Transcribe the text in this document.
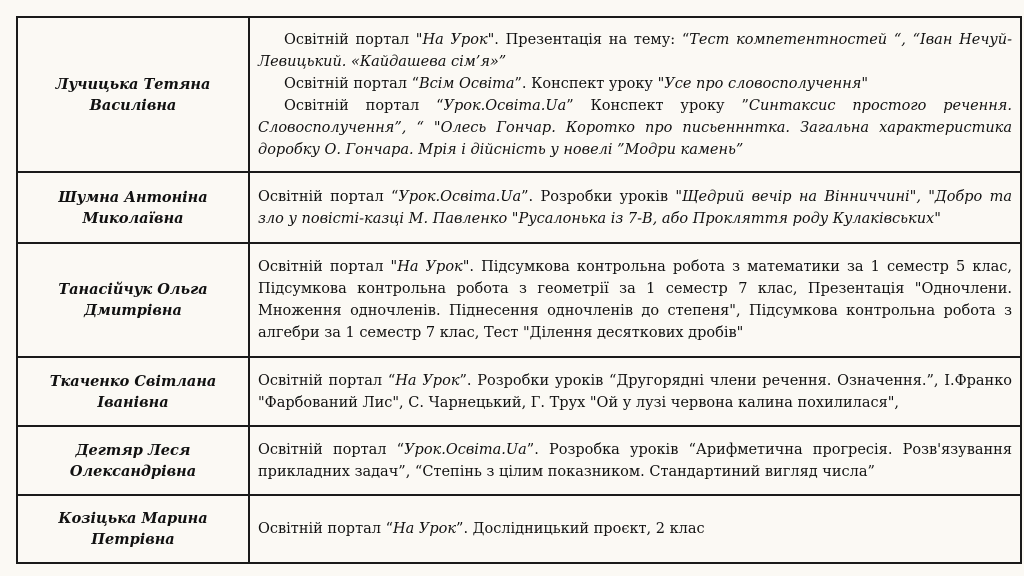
Лучицька Тетяна Василівна	Освітній портал "На Урок". Презентація на тему: “Тест компетентностей “, “Іван Нечуй-Левицький. «Кайдашева сім’я»”
Освітній портал “Всім Освіта”. Конспект уроку "Усе про словосполучення"
Освітній портал “Урок.Освіта.Ua” Конспект уроку ”Синтаксис простого речення. Словосполучення”, “ "Олесь Гончар. Коротко про письенннтка. Загальна характеристика доробку О. Гончара. Мрія і дійсність у новелі ”Модри камень”

Шумна Антоніна Миколаївна	Освітній портал “Урок.Освіта.Ua”. Розробки уроків "Щедрий вечір на Вінниччині", "Добро та зло у повісті-казці М. Павленко "Русалонька із 7-В, або Прокляття роду Кулаківських"

Танасійчук Ольга Дмитрівна	Освітній портал "На Урок". Підсумкова контрольна робота з математики за 1 семестр 5 клас, Підсумкова контрольна робота з геометрії за 1 семестр 7 клас, Презентація "Одночлени. Множення одночленів. Піднесення одночленів до степеня", Підсумкова контрольна робота з алгебри за 1 семестр 7 клас, Тест "Ділення десяткових дробів"

Ткаченко Світлана Іванівна	Освітній портал “На Урок”. Розробки уроків “Другорядні члени речення. Означення.”, І.Франко "Фарбований Лис", С. Чарнецький, Г. Трух "Ой у лузі червона калина похилилася",

Дегтяр Леся Олександрівна	Освітній портал “Урок.Освіта.Ua”. Розробка уроків “Арифметична прогресія. Розв'язування прикладних задач”, “Степінь з цілим показником. Стандартиний вигляд числа”

Козіцька Марина Петрівна	Освітній портал “На Урок”. Дослідницький проєкт, 2 клас
